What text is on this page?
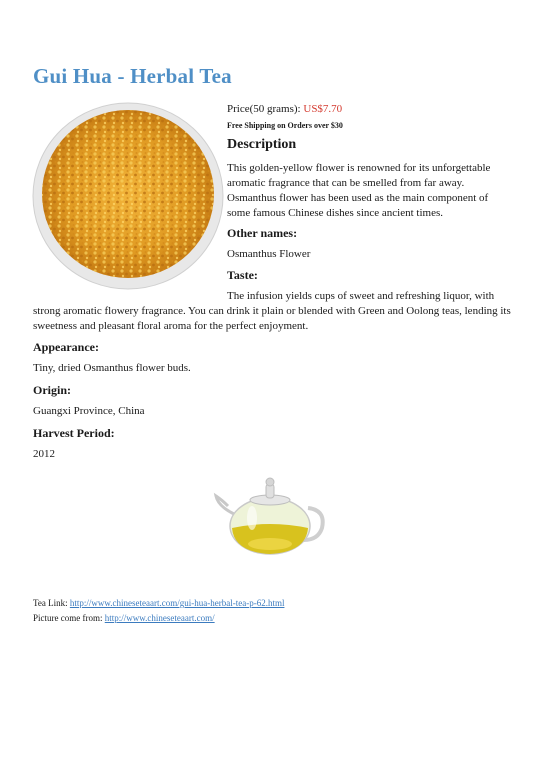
Gui Hua - Herbal Tea
Price(50 grams): US$7.70
Free Shipping on Orders over $30
Description
This golden-yellow flower is renowned for its unforgettable
aromatic fragrance that can be smelled from far away.
Osmanthus flower has been used as the main component of
some famous Chinese dishes since ancient times.
Other names:
Osmanthus Flower
Taste:
The infusion yields cups of sweet and refreshing liquor, with
strong aromatic flowery fragrance. You can drink it plain or blended with Green and Oolong teas, lending its
sweetness and pleasant floral aroma for the perfect enjoyment.
Appearance:
Tiny, dried Osmanthus flower buds.
Origin:
Guangxi Province, China
Harvest Period:
2012
Tea Link: http://www.chineseteaart.com/gui-hua-herbal-tea-p-62.html
Picture come from: http://www.chineseteaart.com/
